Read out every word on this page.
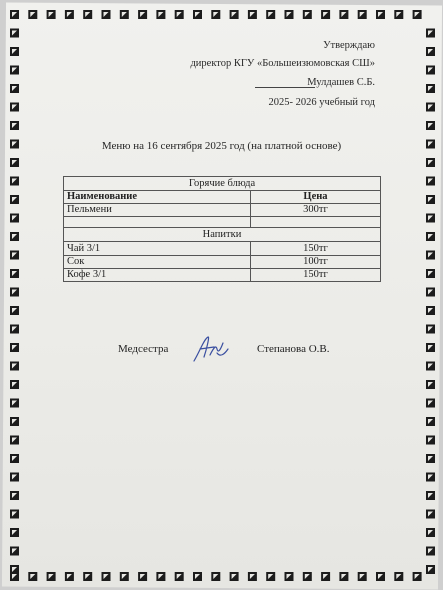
Утверждаю
директор КГУ «Большеизюмовская СШ»
Мулдашев С.Б.
2025- 2026 учебный год
Меню на 16 сентября 2025 год (на платной основе)
Горячие блюда	
Наименование	Цена
Пельмени	300тг

Напитки	
Чай 3/1	150тг
Сок	100тг
Кофе 3/1	150тг
Медсестра	Степанова О.В.
